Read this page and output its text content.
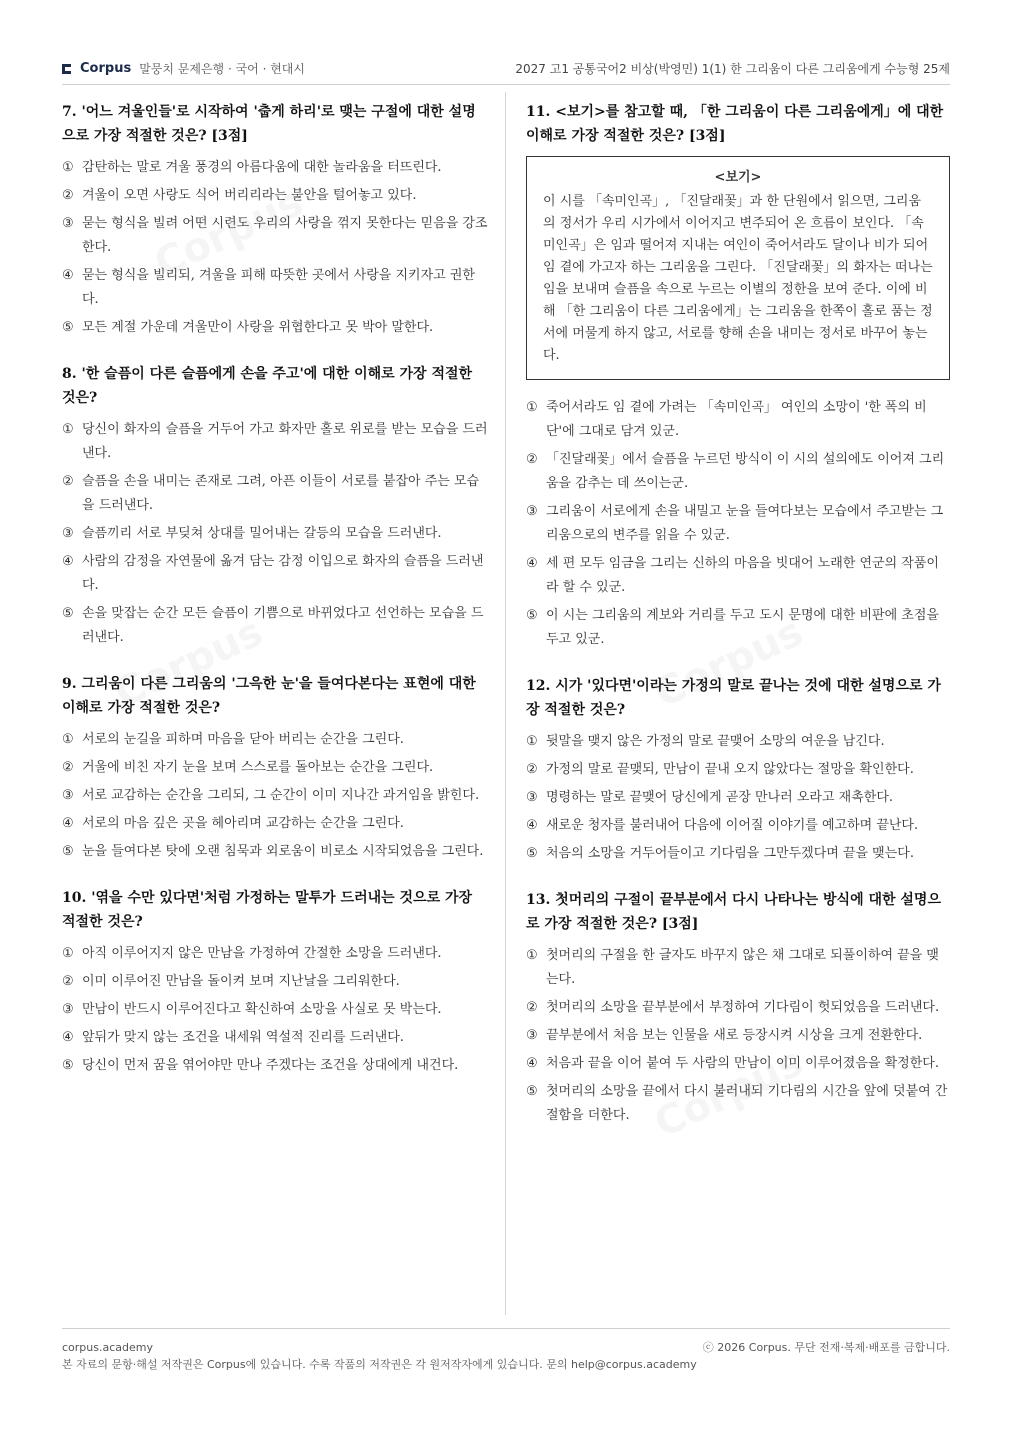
Corpus 말뭉치 문제은행 · 국어 · 현대시	2027 고1 공통국어2 비상(박영민) 1(1) 한 그리움이 다른 그리움에게 수능형 25제

7. '어느 겨울인들'로 시작하여 '춥게 하리'로 맺는 구절에 대한 설명으로 가장 적절한 것은? [3점]

① 감탄하는 말로 겨울 풍경의 아름다움에 대한 놀라움을 터뜨린다.
② 겨울이 오면 사랑도 식어 버리리라는 불안을 털어놓고 있다.
③ 묻는 형식을 빌려 어떤 시련도 우리의 사랑을 꺾지 못한다는 믿음을 강조한다.
④ 묻는 형식을 빌리되, 겨울을 피해 따뜻한 곳에서 사랑을 지키자고 권한다.
⑤ 모든 계절 가운데 겨울만이 사랑을 위협한다고 못 박아 말한다.

8. '한 슬픔이 다른 슬픔에게 손을 주고'에 대한 이해로 가장 적절한 것은?

① 당신이 화자의 슬픔을 거두어 가고 화자만 홀로 위로를 받는 모습을 드러낸다.
② 슬픔을 손을 내미는 존재로 그려, 아픈 이들이 서로를 붙잡아 주는 모습을 드러낸다.
③ 슬픔끼리 서로 부딪쳐 상대를 밀어내는 갈등의 모습을 드러낸다.
④ 사람의 감정을 자연물에 옮겨 담는 감정 이입으로 화자의 슬픔을 드러낸다.
⑤ 손을 맞잡는 순간 모든 슬픔이 기쁨으로 바뀌었다고 선언하는 모습을 드러낸다.

9. 그리움이 다른 그리움의 '그윽한 눈'을 들여다본다는 표현에 대한 이해로 가장 적절한 것은?

① 서로의 눈길을 피하며 마음을 닫아 버리는 순간을 그린다.
② 거울에 비친 자기 눈을 보며 스스로를 돌아보는 순간을 그린다.
③ 서로 교감하는 순간을 그리되, 그 순간이 이미 지나간 과거임을 밝힌다.
④ 서로의 마음 깊은 곳을 헤아리며 교감하는 순간을 그린다.
⑤ 눈을 들여다본 탓에 오랜 침묵과 외로움이 비로소 시작되었음을 그린다.

10. '엮을 수만 있다면'처럼 가정하는 말투가 드러내는 것으로 가장 적절한 것은?

① 아직 이루어지지 않은 만남을 가정하여 간절한 소망을 드러낸다.
② 이미 이루어진 만남을 돌이켜 보며 지난날을 그리워한다.
③ 만남이 반드시 이루어진다고 확신하여 소망을 사실로 못 박는다.
④ 앞뒤가 맞지 않는 조건을 내세워 역설적 진리를 드러낸다.
⑤ 당신이 먼저 꿈을 엮어야만 만나 주겠다는 조건을 상대에게 내건다.

11. <보기>를 참고할 때, 「한 그리움이 다른 그리움에게」에 대한 이해로 가장 적절한 것은? [3점]

<보기>
이 시를 「속미인곡」, 「진달래꽃」과 한 단원에서 읽으면, 그리움의 정서가 우리 시가에서 이어지고 변주되어 온 흐름이 보인다. 「속미인곡」은 임과 떨어져 지내는 여인이 죽어서라도 달이나 비가 되어 임 곁에 가고자 하는 그리움을 그린다. 「진달래꽃」의 화자는 떠나는 임을 보내며 슬픔을 속으로 누르는 이별의 정한을 보여 준다. 이에 비해 「한 그리움이 다른 그리움에게」는 그리움을 한쪽이 홀로 품는 정서에 머물게 하지 않고, 서로를 향해 손을 내미는 정서로 바꾸어 놓는다.
① 죽어서라도 임 곁에 가려는 「속미인곡」 여인의 소망이 '한 폭의 비단'에 그대로 담겨 있군.
② 「진달래꽃」에서 슬픔을 누르던 방식이 이 시의 설의에도 이어져 그리움을 감추는 데 쓰이는군.
③ 그리움이 서로에게 손을 내밀고 눈을 들여다보는 모습에서 주고받는 그리움으로의 변주를 읽을 수 있군.
④ 세 편 모두 임금을 그리는 신하의 마음을 빗대어 노래한 연군의 작품이라 할 수 있군.
⑤ 이 시는 그리움의 계보와 거리를 두고 도시 문명에 대한 비판에 초점을 두고 있군.

12. 시가 '있다면'이라는 가정의 말로 끝나는 것에 대한 설명으로 가장 적절한 것은?

① 뒷말을 맺지 않은 가정의 말로 끝맺어 소망의 여운을 남긴다.
② 가정의 말로 끝맺되, 만남이 끝내 오지 않았다는 절망을 확인한다.
③ 명령하는 말로 끝맺어 당신에게 곧장 만나러 오라고 재촉한다.
④ 새로운 청자를 불러내어 다음에 이어질 이야기를 예고하며 끝난다.
⑤ 처음의 소망을 거두어들이고 기다림을 그만두겠다며 끝을 맺는다.

13. 첫머리의 구절이 끝부분에서 다시 나타나는 방식에 대한 설명으로 가장 적절한 것은? [3점]

① 첫머리의 구절을 한 글자도 바꾸지 않은 채 그대로 되풀이하여 끝을 맺는다.
② 첫머리의 소망을 끝부분에서 부정하여 기다림이 헛되었음을 드러낸다.
③ 끝부분에서 처음 보는 인물을 새로 등장시켜 시상을 크게 전환한다.
④ 처음과 끝을 이어 붙여 두 사람의 만남이 이미 이루어졌음을 확정한다.
⑤ 첫머리의 소망을 끝에서 다시 불러내되 기다림의 시간을 앞에 덧붙여 간절함을 더한다.
corpus.academy	ⓒ 2026 Corpus. 무단 전재·복제·배포를 금합니다.
본 자료의 문항·해설 저작권은 Corpus에 있습니다. 수록 작품의 저작권은 각 원저작자에게 있습니다. 문의 help@corpus.academy
